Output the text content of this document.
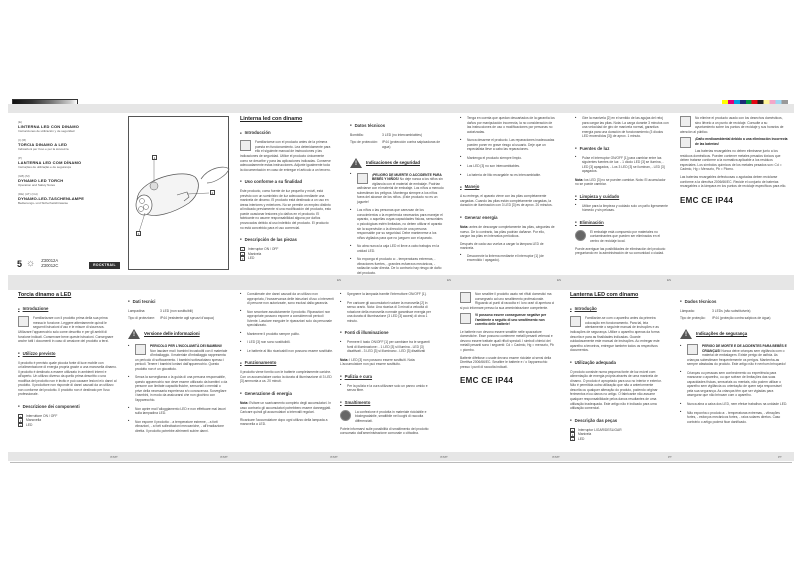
ES	ES	ES	ES
IT/MT	IT/MT	IT/MT	IT/MT	IT/MT	PT	PT
(E)
LINTERNA LED CON DINAMO
Instrucciones de utilización y de seguridad
(I) (M)
TORCIA DINAMO A LED
Indicazioni per l'uso e per la sicurezza
(P)
LANTERNA LED COM DÍNAMO
Instruções de utilização e de segurança
(GB) (M)
DYNAMO LED TORCH
Operation and Safety Notes
(DE) (AT) (CH)
DYNAMO-LED-TASCHENLAMPE
Bedienungs- und Sicherheitshinweise
5 ☼ Z30012A
Z30012C	ROCKTRAIL
1
2
3
Linterna led con dinamo
■ Introducción
Familiarícese con el producto antes de la primera puesta en funcionamiento. Lea detenidamente para ello el siguiente manual de instrucciones y las indicaciones de seguridad. Utilice el producto únicamente como se describe y para las aplicaciones indicadas. Conserve adecuadamente estas instrucciones. Adjunte igualmente toda la documentación en caso de entregar el artículo a un tercero.
■ Uso conforme a su finalidad
Este producto, como fuente de luz pequeña y móvil, está previsto con un suministro de luz adecuado mediante una manivela de dinamo. El producto está destinado a un uso en áreas interiores y exteriores. No se permite un empleo distinto al indicado previamente ni una modificación del producto, esto puede ocasionar lesiones y/o daños en el producto. El fabricante no asume responsabilidad alguna por daños provocados debido al uso indebido del producto. El producto no está concebido para el uso comercial.
■ Descripción de las piezas
1	Interruptor ON / OFF
2	Manivela
3	LED
■ Datos técnicos
Bombilla:	3 LED (no intercambiables)
Tipo de protección:	IP44 (protección contra salpicaduras de agua)
!
Indicaciones de seguridad
■ ¡PELIGRO DE MUERTE O ACCIDENTE PARA BEBÉS Y NIÑOS! No deje nunca a los niños sin vigilancia con el material de embalaje. Podrían asfixiarse con el material de embalaje. Los niños a menudo subestiman los peligros. Mantenga siempre a los niños fuera del alcance de los niños. ¡Este producto no es un juguete!
■ Los niños o las personas que carezcan de los conocimientos o la experiencia necesarios para manejar el aparato, o aquellas cuyas capacidades físicas, sensoriales o psicológicas estén limitadas, no deben utilizar el aparato sin la supervisión o la dirección de una persona responsable por su seguridad. Debe mantenerse a los niños vigilados para que no jueguen con el aparato.
■ No abra nunca la caja LED ni lleve a cabo trabajos en la unidad LED.
■ No exponga el producto a: - temperaturas extremas, - vibraciones fuertes, - grandes esfuerzos mecánicos, - radiación solar directa. De lo contrario hay riesgo de daño del producto.
■ Tenga en cuenta que quedan descartados de la garantía los daños por manipulación incorrecta, la no consideración de las instrucciones de uso o modificaciones por personas no autorizadas.
■ Nunca desarme el producto. Las reparaciones inadecuadas pueden poner en grave riesgo al usuario. Deje que un especialista lleve a cabo las reparaciones.
■ Mantenga el producto siempre limpio.
■ Los LED [3] no son intercambiables.
■ La batería de litio recargable no es intercambiable.
■ Manejo
A su entrega, el aparato viene con las pilas completamente cargadas. Cuando las pilas están completamente cargadas, la duración de iluminación con 3 LED [3] es de aprox. 20 minutos.
■ Generar energía
Nota: antes de descargar completamente las pilas, cárguelas de nuevo. De lo contrario, las pilas podrían dañarse. Por ello, cargue las pilas en intervalos periódicos.
Después de cada uso vuelva a cargar la lámpara LED de manivela.
■ Desconecte la linterna mediante el interruptor [1] (de encendido / apagado).
■ Gire la manivela [2] en el sentido de las agujas del reloj para cargar las pilas. Nota: La carga durante 3 minutos con una velocidad de giro de manivela normal, garantiza energía para una duración de funcionamiento (3 diodos LED encendidos [3]) de aprox. 1 minuto.
■ Fuentes de luz
■ Pulse el interruptor ON/OFF [1] para cambiar entre las siguientes fuentes de luz: - 1 diodo LED [3] se ilumina, - LED [3] apagados, - Los 3 LED [3] se iluminan, - LED [3] apagados.
Nota: los LED [3] no se pueden cambiar. Nota: El acumulador no se puede cambiar.
■ Limpieza y cuidado
■ Utilice para la limpieza y cuidado solo un paño ligeramente húmedo y sin pelusas.
■ Eliminación
El embalaje está compuesto por materiales no contaminantes que pueden ser eliminados en el centro de reciclaje local.
Puede averiguar las posibilidades de eliminación del producto preguntando en la administración de su comunidad o ciudad.
No elimine el producto usado con los desechos domésticos, sino llévelo a un punto de reciclaje. Consulte a su ayuntamiento sobre los puntos de reciclaje y sus horarios de atención al público.
¡Daño medioambiental debido a una eliminación incorrecta de las baterías!
Las baterías recargables no deben eliminarse junto a los residuos domésticos. Pueden contener metales pesados tóxicos que deben tratarse conforme a la normativa aplicable a los residuos especiales. Los símbolos químicos de los metales pesados son: Cd = Cadmio, Hg = Mercurio, Pb = Plomo.
Las baterías recargables defectuosas o agotadas deben reciclarse conforme a la directiva 2006/66/EC. Recicle el conjunto de baterías recargables o la lámpara en los puntos de reciclaje específicos para ello.
EMC CE IP44
Torcia dinamo a LED
■ Introduzione
Familiarizzare con il prodotto prima della sua prima messa in funzione. Leggere attentamente quindi le seguenti istruzioni d'uso e le misure di sicurezza. Utilizzare l'apparecchio solo come descritto e per gli ambiti di funzione indicati. Conservare bene queste istruzioni. Consegnare anche tutti i documenti in caso di cessione del prodotto a terzi.
■ Utilizzo previsto
Il prodotto è previsto quale piccola fonte di luce mobile con un'alimentazione di energia propria grazie a una manovella dinamo. Il prodotto è destinato a essere utilizzato in ambienti interni e all'aperto. Un utilizzo diverso da quello prima descritto o una modifica del prodotto non è lecito e può causare lesioni e/o danni al prodotto. Il produttore non risponde di danni causati da un utilizzo non conforme del prodotto. Il prodotto non è destinato per l'uso professionale.
■ Descrizione dei componenti
1	Interruttore ON / OFF
2	Manovella
3	LED
■ Dati tecnici
Lampadina:	3 LED (non sostituibili)
Tipo di protezione:	IP44 (resistente agli spruzzi d'acqua)
!
Versione delle informazioni
■ PERICOLO PER L'INCOLUMITÀ DEI BAMBINI! Non lasciare mai i bambini incustoditi con il materiale d'imballaggio. Il materiale d'imballaggio rappresenta un pericolo di soffocamento. I bambini sottovalutano spesso i pericoli. Tenere i bambini lontani dall'apparecchio. Questo prodotto non è un giocattolo.
■ Senza la sorveglianza o la guida di una persona responsabile, questo apparecchio non deve essere utilizzato da bambini o da persone con limitate capacità fisiche, sensoriali o mentali o prive della necessaria esperienza e/o conoscenza. Sorvegliare i bambini, in modo da assicurarsi che non giochino con l'apparecchio.
■ Non aprire mai l'alloggiamento LED e non effettuare mai lavori sulla lampadina LED.
■ Non esporre il prodotto: - a temperature estreme, - a forti vibrazioni, - a forti sollecitazioni meccaniche, - all'irradiazione diretta. Il prodotto potrebbe altrimenti subire danni.
■ Considerate che danni causati da un utilizzo non appropriato, l'inosservanza delle istruzioni d'uso o interventi di persone non autorizzate, sono esclusi dalla garanzia.
■ Non smontare assolutamente il prodotto. Riparazioni non appropriate possono esporre a considerevoli pericoli l'utente. Lasciare eseguire le riparazioni solo da personale specializzato.
■ Mantenere il prodotto sempre pulito.
■ I LED [3] non sono sostituibili.
■ Le batterie al litio ricaricabili non possono essere sostituite.
■ Funzionamento
Il prodotto viene fornito con le batterie completamente cariche. Con un accumulatore carico la durata di illuminazione di 3 LED [3] ammonta a ca. 20 minuti.
■ Generazione di energia
Nota: Evitare un scaricamento completo degli accumulatori. In caso contrario gli accumulatori potrebbero essere danneggiati. Caricare quindi gli accumulatori a intervalli regolari.
Ricaricare l'accumulatore dopo ogni utilizzo della lampada a manovella a LED.
■ Spegnere la lampada tramite l'interruttore ON/OFF [1].
■ Per caricare gli accumulatori ruotare la manovella [2] in senso orario. Nota: Una ricarica di 3 minuti a velocità di rotazione della manovella normale garantisce energia per una durata di illuminazione (3 LED [3] accesi) di circa 1 minuto.
■ Fonti di illuminazione
■ Premere il tasto ON/OFF [1] per cambiare tra le seguenti fonti di illuminazione: - 1 LED [3] si illumina - LED [3] disattivati - 3 LED [3] si illuminano - LED [3] disattivati
Nota: I LED [3] non possono essere sostituiti. Nota: L'accumulatore non può essere sostituito.
■ Pulizia e cura
■ Per la pulizia e la cura utilizzare solo un panno umido e senza fibre.
■ Smaltimento
La confezione è prodotta in materiale riciclabile e biodegradabile, smaltibile nei luoghi di raccolta differenziati.
Potete informarvi sulle possibilità di smaltimento del prodotto consumato dall'amministrazione comunale o cittadina.
Non smaltire il prodotto usato nei rifiuti domestici ma consegnarlo ad uno smaltimento professionale. Riguardo ai punti di raccolta e i loro orari di apertura ci si può informare presso la sua amministrazione competente.
Vi possono essere conseguenze negative per l'ambiente a seguito di uno smaltimento non corretto delle batterie!
Le batterie non devono essere smaltite nelle spazzature domestiche. Esse possono contenere metalli pesanti velenosi e devono essere trattate quali rifiuti speciali. I simboli chimici dei metalli pesanti sono i seguenti: Cd = Cadmio, Hg = mercurio, Pb = piombo.
Batterie difettose o usate devono essere riciclate ai sensi della Direttiva 2006/66/EC. Smaltire le batterie e / o l'apparecchio presso i punti di raccolta indicati.
EMC CE IP44
Lanterna LED com dínamo
■ Introdução
Familiarize-se com o aparelho antes da primeira colocação em funcionamento. Para tal, leia atentamente o seguinte manual de instruções e as indicações de segurança. Utilize o aparelho apenas da forma descrita e para as finalidades indicadas. Guarde cuidadosamente este manual de instruções. Ao entregar este aparelho a terceiros, entregue também todos os respectivos documentos.
■ Utilização adequada
O produto consiste numa pequena fonte de luz móvel com alimentação de energia própria através de uma manivela de dínamo. O produto é apropriado para uso no interior e exterior. Não é permitida outra utilização que não a anteriormente descrita ou qualquer alteração do produto, podendo originar ferimentos e/ou danos no artigo. O fabricante não assume qualquer responsabilidade pelos danos resultantes de uma utilização inadequada. Este artigo não é indicado para uma utilização comercial.
■ Descrição das peças
1	Interruptor LIGAR/DESLIGAR
2	Manivela
3	LED
■ Dados técnicos
Lâmpada:	3 LEDs (não substituíveis)
Tipo de proteção:	IP44 (proteção contra salpicos de água)
!
Indicações de segurança
■ PERIGO DE MORTE E DE ACIDENTES PARA BEBÉS E CRIANÇAS! Nunca deixe crianças sem vigilância com o material de embalagem. Existe perigo de asfixia. As crianças subestimam frequentemente os perigos. Mantenha-as sempre afastadas do produto. Este artigo não é nenhum brinquedo!
■ Crianças ou pessoas sem conhecimento ou experiência para manusear o aparelho, ou que sofram de limitações das suas capacidades físicas, sensoriais ou mentais, não podem utilizar o aparelho sem vigilância ou orientação de quem seja responsável pela sua segurança. As crianças têm que ser vigiadas para assegurar que não brincam com o aparelho.
■ Nunca abra a caixa dos LED, nem efetue trabalhos na unidade LED.
■ Não exponha o produto a: - temperaturas extremas, - vibrações fortes, - esforços mecânicos fortes, - raios solares diretos. Caso contrário o artigo poderá ficar danificado.
